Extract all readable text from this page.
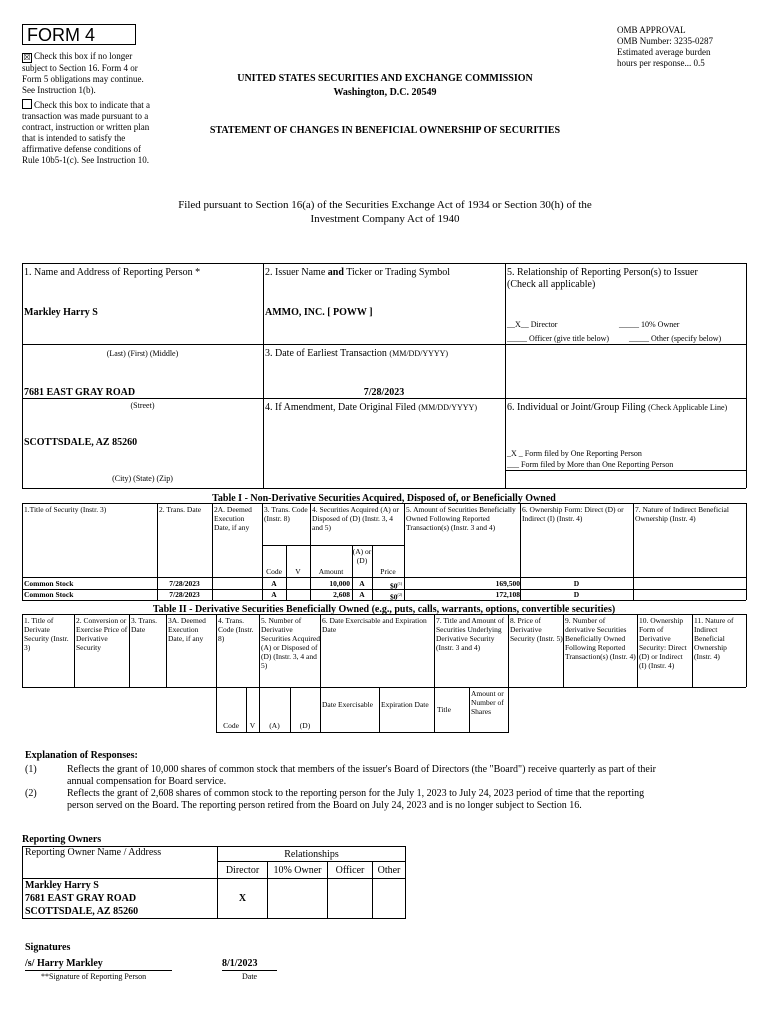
FORM 4
☒ Check this box if no longer subject to Section 16. Form 4 or Form 5 obligations may continue. See Instruction 1(b).
Check this box to indicate that a transaction was made pursuant to a contract, instruction or written plan that is intended to satisfy the affirmative defense conditions of Rule 10b5-1(c). See Instruction 10.
OMB APPROVAL
OMB Number: 3235-0287
Estimated average burden
hours per response... 0.5
UNITED STATES SECURITIES AND EXCHANGE COMMISSION
Washington, D.C. 20549
STATEMENT OF CHANGES IN BENEFICIAL OWNERSHIP OF SECURITIES
Filed pursuant to Section 16(a) of the Securities Exchange Act of 1934 or Section 30(h) of the
Investment Company Act of 1940
1. Name and Address of Reporting Person *
Markley Harry S
(Last) (First) (Middle)
7681 EAST GRAY ROAD
(Street)
SCOTTSDALE, AZ 85260
(City) (State) (Zip)
2. Issuer Name and Ticker or Trading Symbol
AMMO, INC. [ POWW ]
3. Date of Earliest Transaction (MM/DD/YYYY)
7/28/2023
4. If Amendment, Date Original Filed (MM/DD/YYYY)
5. Relationship of Reporting Person(s) to Issuer
(Check all applicable)
__X__ Director	_____ 10% Owner
_____ Officer (give title below) _____ Other (specify below)
6. Individual or Joint/Group Filing (Check Applicable Line)
_X _ Form filed by One Reporting Person
___ Form filed by More than One Reporting Person
Table I - Non-Derivative Securities Acquired, Disposed of, or Beneficially Owned
1.Title of Security (Instr. 3)	2. Trans. Date	2A. Deemed Execution Date, if any
3. Trans. Code (Instr. 8)
4. Securities Acquired (A) or Disposed of (D) (Instr. 3, 4 and 5)
5. Amount of Securities Beneficially Owned Following Reported Transaction(s) (Instr. 3 and 4)
6. Ownership Form: Direct (D) or Indirect (I) (Instr. 4)
7. Nature of Indirect Beneficial Ownership (Instr. 4)
Code	V	Amount
(A) or (D)
Price
Common Stock	7/28/2023	A	10,000	A	$0$^{(1)}$	169,500	D
Common Stock	7/28/2023	A	2,608	A	$0$^{(2)}$	172,108	D
Table II - Derivative Securities Beneficially Owned (e.g., puts, calls, warrants, options, convertible securities)
1. Title of Derivate Security (Instr. 3)
2. Conversion or Exercise Price of Derivative Security
3. Trans. Date
3A. Deemed Execution Date, if any
4. Trans. Code (Instr. 8)
5. Number of Derivative Securities Acquired (A) or Disposed of (D) (Instr. 3, 4 and 5)
6. Date Exercisable and Expiration Date
7. Title and Amount of Securities Underlying Derivative Security (Instr. 3 and 4)
8. Price of Derivative Security (Instr. 5)
9. Number of derivative Securities Beneficially Owned Following Reported Transaction(s) (Instr. 4)
10. Ownership Form of Derivative Security: Direct (D) or Indirect (I) (Instr. 4)
11. Nature of Indirect Beneficial Ownership (Instr. 4)
Code	V	(A)	(D)
Date Exercisable	Expiration Date
Title
Amount or Number of Shares
Explanation of Responses:
(1)	Reflects the grant of 10,000 shares of common stock that members of the issuer's Board of Directors (the "Board") receive quarterly as part of their
annual compensation for Board service.
(2)	Reflects the grant of 2,608 shares of common stock to the reporting person for the July 1, 2023 to July 24, 2023 period of time that the reporting
person served on the Board. The reporting person retired from the Board on July 24, 2023 and is no longer subject to Section 16.
Reporting Owners
Reporting Owner Name / Address	Relationships			
	Director	10% Owner	Officer	Other

Markley Harry S
7681 EAST GRAY ROAD
SCOTTSDALE, AZ 85260	X			
Signatures
/s/ Harry Markley	8/1/2023
**Signature of Reporting Person	Date
